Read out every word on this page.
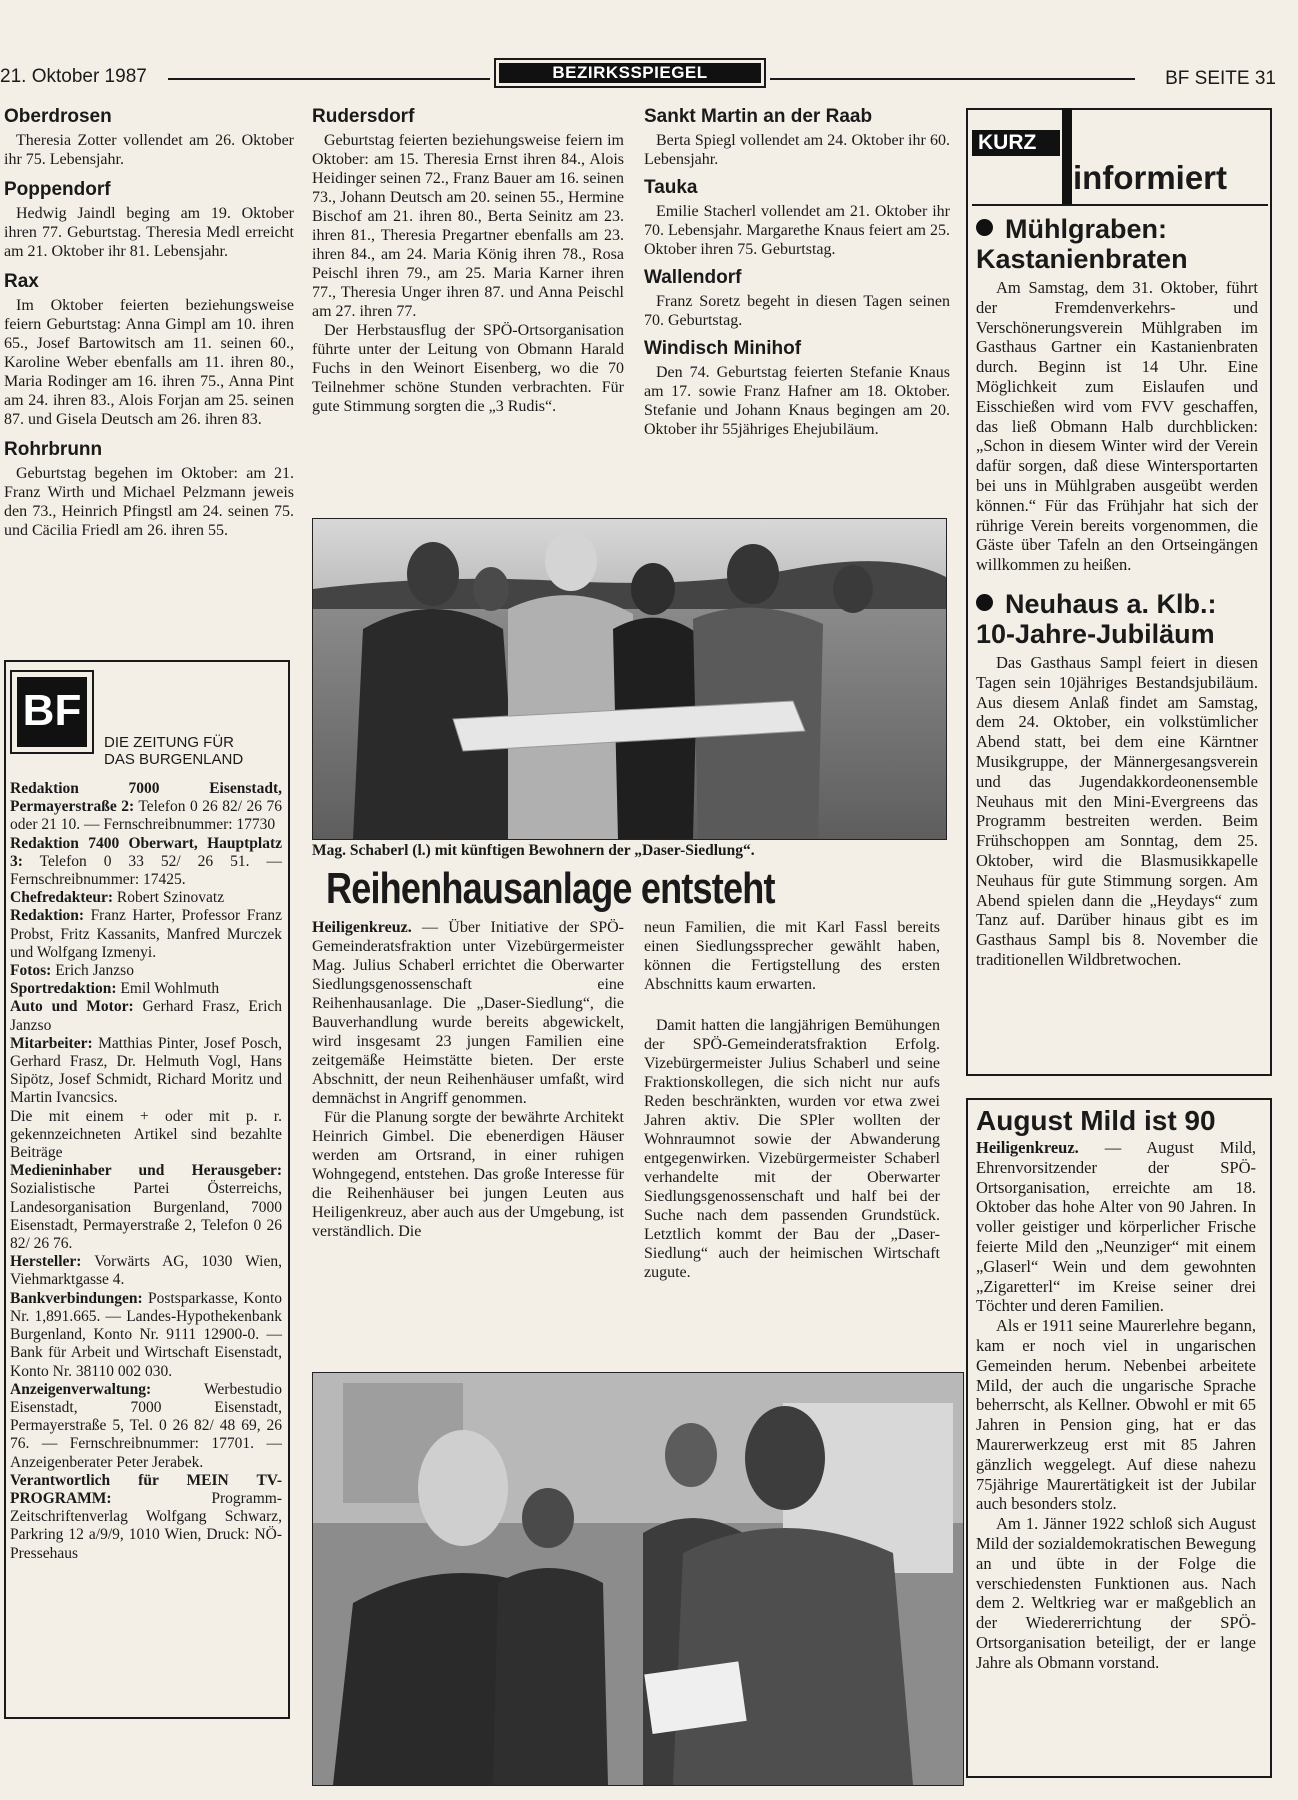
21. Oktober 1987	BEZIRKSSPIEGEL	BF SEITE 31
Oberdrosen

Theresia Zotter vollendet am 26. Oktober ihr 75. Lebensjahr.

Poppendorf

Hedwig Jaindl beging am 19. Oktober ihren 77. Geburtstag. Theresia Medl erreicht am 21. Oktober ihr 81. Lebensjahr.

Rax

Im Oktober feierten beziehungsweise feiern Geburtstag: Anna Gimpl am 10. ihren 65., Josef Bartowitsch am 11. seinen 60., Karoline Weber ebenfalls am 11. ihren 80., Maria Rodinger am 16. ihren 75., Anna Pint am 24. ihren 83., Alois Forjan am 25. seinen 87. und Gisela Deutsch am 26. ihren 83.

Rohrbrunn

Geburtstag begehen im Oktober: am 21. Franz Wirth und Michael Pelzmann jeweis den 73., Heinrich Pfingstl am 24. seinen 75. und Cäcilia Friedl am 26. ihren 55.

BF
DIE ZEITUNG FÜR
DAS BURGENLAND

Redaktion 7000 Eisenstadt, Permayerstraße 2: Telefon 0 26 82/ 26 76 oder 21 10. — Fernschreibnummer: 17730

Redaktion 7400 Oberwart, Hauptplatz 3: Telefon 0 33 52/ 26 51. — Fernschreibnummer: 17425.

Chefredakteur: Robert Szinovatz

Redaktion: Franz Harter, Professor Franz Probst, Fritz Kassanits, Manfred Murczek und Wolfgang Izmenyi.

Fotos: Erich Janzso

Sportredaktion: Emil Wohlmuth

Auto und Motor: Gerhard Frasz, Erich Janzso

Mitarbeiter: Matthias Pinter, Josef Posch, Gerhard Frasz, Dr. Helmuth Vogl, Hans Sipötz, Josef Schmidt, Richard Moritz und Martin Ivancsics.

Die mit einem + oder mit p. r. gekennzeichneten Artikel sind bezahlte Beiträge

Medieninhaber und Herausgeber: Sozialistische Partei Österreichs, Landesorganisation Burgenland, 7000 Eisenstadt, Permayerstraße 2, Telefon 0 26 82/ 26 76.

Hersteller: Vorwärts AG, 1030 Wien, Viehmarktgasse 4.

Bankverbindungen: Postsparkasse, Konto Nr. 1,891.665. — Landes-Hypothekenbank Burgenland, Konto Nr. 9111 12900-0. — Bank für Arbeit und Wirtschaft Eisenstadt, Konto Nr. 38110 002 030.

Anzeigenverwaltung: Werbestudio Eisenstadt, 7000 Eisenstadt, Permayerstraße 5, Tel. 0 26 82/ 48 69, 26 76. — Fernschreibnummer: 17701. — Anzeigenberater Peter Jerabek.

Verantwortlich für MEIN TV-PROGRAMM: Programm-Zeitschriftenverlag Wolfgang Schwarz, Parkring 12 a/9/9, 1010 Wien, Druck: NÖ-Pressehaus

Rudersdorf

Geburtstag feierten beziehungsweise feiern im Oktober: am 15. Theresia Ernst ihren 84., Alois Heidinger seinen 72., Franz Bauer am 16. seinen 73., Johann Deutsch am 20. seinen 55., Hermine Bischof am 21. ihren 80., Berta Seinitz am 23. ihren 81., Theresia Pregartner ebenfalls am 23. ihren 84., am 24. Maria König ihren 78., Rosa Peischl ihren 79., am 25. Maria Karner ihren 77., Theresia Unger ihren 87. und Anna Peischl am 27. ihren 77.

Der Herbstausflug der SPÖ-Ortsorganisation führte unter der Leitung von Obmann Harald Fuchs in den Weinort Eisenberg, wo die 70 Teilnehmer schöne Stunden verbrachten. Für gute Stimmung sorgten die „3 Rudis“.

Sankt Martin an der Raab

Berta Spiegl vollendet am 24. Oktober ihr 60. Lebensjahr.

Tauka

Emilie Stacherl vollendet am 21. Oktober ihr 70. Lebensjahr. Margarethe Knaus feiert am 25. Oktober ihren 75. Geburtstag.

Wallendorf

Franz Soretz begeht in diesen Tagen seinen 70. Geburtstag.

Windisch Minihof

Den 74. Geburtstag feierten Stefanie Knaus am 17. sowie Franz Hafner am 18. Oktober. Stefanie und Johann Knaus begingen am 20. Oktober ihr 55jähriges Ehejubiläum.

Mag. Schaberl (l.) mit künftigen Bewohnern der „Daser-Siedlung“.
Reihenhausanlage entsteht

Heiligenkreuz. — Über Initiative der SPÖ-Gemeinderatsfraktion unter Vizebürgermeister Mag. Julius Schaberl errichtet die Oberwarter Siedlungsgenossenschaft eine Reihenhausanlage. Die „Daser-Siedlung“, die Bauverhandlung wurde bereits abgewickelt, wird insgesamt 23 jungen Familien eine zeitgemäße Heimstätte bieten. Der erste Abschnitt, der neun Reihenhäuser umfaßt, wird demnächst in Angriff genommen.

Für die Planung sorgte der bewährte Architekt Heinrich Gimbel. Die ebenerdigen Häuser werden am Ortsrand, in einer ruhigen Wohngegend, entstehen. Das große Interesse für die Reihenhäuser bei jungen Leuten aus Heiligenkreuz, aber auch aus der Umgebung, ist verständlich. Die

neun Familien, die mit Karl Fassl bereits einen Siedlungssprecher gewählt haben, können die Fertigstellung des ersten Abschnitts kaum erwarten.

Damit hatten die langjährigen Bemühungen der SPÖ-Gemeinderatsfraktion Erfolg. Vizebürgermeister Julius Schaberl und seine Fraktionskollegen, die sich nicht nur aufs Reden beschränkten, wurden vor etwa zwei Jahren aktiv. Die SPler wollten der Wohnraumnot sowie der Abwanderung entgegenwirken. Vizebürgermeister Schaberl verhandelte mit der Oberwarter Siedlungsgenossenschaft und half bei der Suche nach dem passenden Grundstück. Letztlich kommt der Bau der „Daser-Siedlung“ auch der heimischen Wirtschaft zugute.

KURZ
informiert
Mühlgraben:
Kastanienbraten

Am Samstag, dem 31. Oktober, führt der Fremdenverkehrs- und Verschönerungsverein Mühlgraben im Gasthaus Gartner ein Kastanienbraten durch. Beginn ist 14 Uhr. Eine Möglichkeit zum Eislaufen und Eisschießen wird vom FVV geschaffen, das ließ Obmann Halb durchblicken: „Schon in diesem Winter wird der Verein dafür sorgen, daß diese Wintersportarten bei uns in Mühlgraben ausgeübt werden können.“ Für das Frühjahr hat sich der rührige Verein bereits vorgenommen, die Gäste über Tafeln an den Ortseingängen willkommen zu heißen.

Neuhaus a. Klb.:
10-Jahre-Jubiläum

Das Gasthaus Sampl feiert in diesen Tagen sein 10jähriges Bestandsjubiläum. Aus diesem Anlaß findet am Samstag, dem 24. Oktober, ein volkstümlicher Abend statt, bei dem eine Kärntner Musikgruppe, der Männergesangsverein und das Jugendakkordeonensemble Neuhaus mit den Mini-Evergreens das Programm bestreiten werden. Beim Frühschoppen am Sonntag, dem 25. Oktober, wird die Blasmusikkapelle Neuhaus für gute Stimmung sorgen. Am Abend spielen dann die „Heydays“ zum Tanz auf. Darüber hinaus gibt es im Gasthaus Sampl bis 8. November die traditionellen Wildbretwochen.

August Mild ist 90

Heiligenkreuz. — August Mild, Ehrenvorsitzender der SPÖ-Ortsorganisation, erreichte am 18. Oktober das hohe Alter von 90 Jahren. In voller geistiger und körperlicher Frische feierte Mild den „Neunziger“ mit einem „Glaserl“ Wein und dem gewohnten „Zigaretterl“ im Kreise seiner drei Töchter und deren Familien.

Als er 1911 seine Maurerlehre begann, kam er noch viel in ungarischen Gemeinden herum. Nebenbei arbeitete Mild, der auch die ungarische Sprache beherrscht, als Kellner. Obwohl er mit 65 Jahren in Pension ging, hat er das Maurerwerkzeug erst mit 85 Jahren gänzlich weggelegt. Auf diese nahezu 75jährige Maurertätigkeit ist der Jubilar auch besonders stolz.

Am 1. Jänner 1922 schloß sich August Mild der sozialdemokratischen Bewegung an und übte in der Folge die verschiedensten Funktionen aus. Nach dem 2. Weltkrieg war er maßgeblich an der Wiedererrichtung der SPÖ-Ortsorganisation beteiligt, der er lange Jahre als Obmann vorstand.
